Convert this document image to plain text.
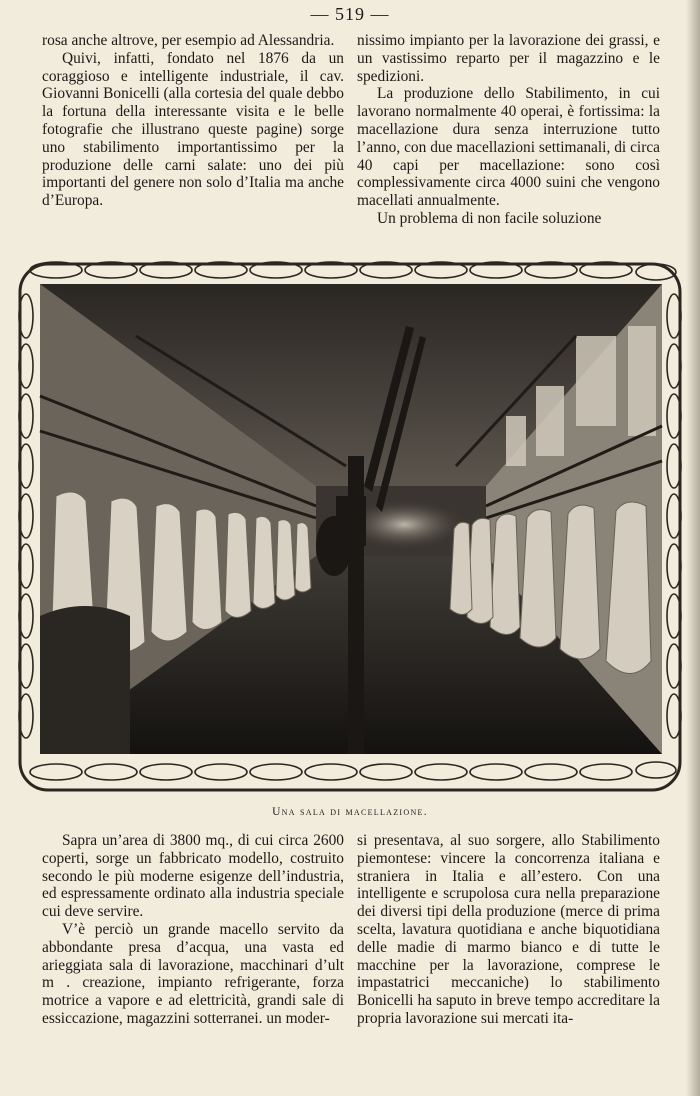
— 519 —

rosa anche altrove, per esempio ad Alessandria.

Quivi, infatti, fondato nel 1876 da un coraggioso e intelligente industriale, il cav. Giovanni Bonicelli (alla cortesia del quale debbo la fortuna della interessante visita e le belle fotografie che illustrano queste pagine) sorge uno stabilimento importantissimo per la produzione delle carni salate: uno dei più importanti del genere non solo d’Italia ma anche d’Europa.

nissimo impianto per la lavorazione dei grassi, e un vastissimo reparto per il magazzino e le spedizioni.

La produzione dello Stabilimento, in cui lavorano normalmente 40 operai, è fortissima: la macellazione dura senza interruzione tutto l’anno, con due macellazioni settimanali, di circa 40 capi per macellazione: sono così complessivamente circa 4000 suini che vengono macellati annualmente.

Un problema di non facile soluzione

Una sala di macellazione.

Sapra un’area di 3800 mq., di cui circa 2600 coperti, sorge un fabbricato modello, costruito secondo le più moderne esigenze dell’industria, ed espressamente ordinato alla industria speciale cui deve servire.

V’è perciò un grande macello servito da abbondante presa d’acqua, una vasta ed arieggiata sala di lavorazione, macchinari d’ult m . creazione, impianto refrigerante, forza motrice a vapore e ad elettricità, grandi sale di essiccazione, magazzini sotterranei. un moder-

si presentava, al suo sorgere, allo Stabilimento piemontese: vincere la concorrenza italiana e straniera in Italia e all’estero. Con una intelligente e scrupolosa cura nella preparazione dei diversi tipi della produzione (merce di prima scelta, lavatura quotidiana e anche biquotidiana delle madie di marmo bianco e di tutte le macchine per la lavorazione, comprese le impastatrici meccaniche) lo stabilimento Bonicelli ha saputo in breve tempo accreditare la propria lavorazione sui mercati ita-
